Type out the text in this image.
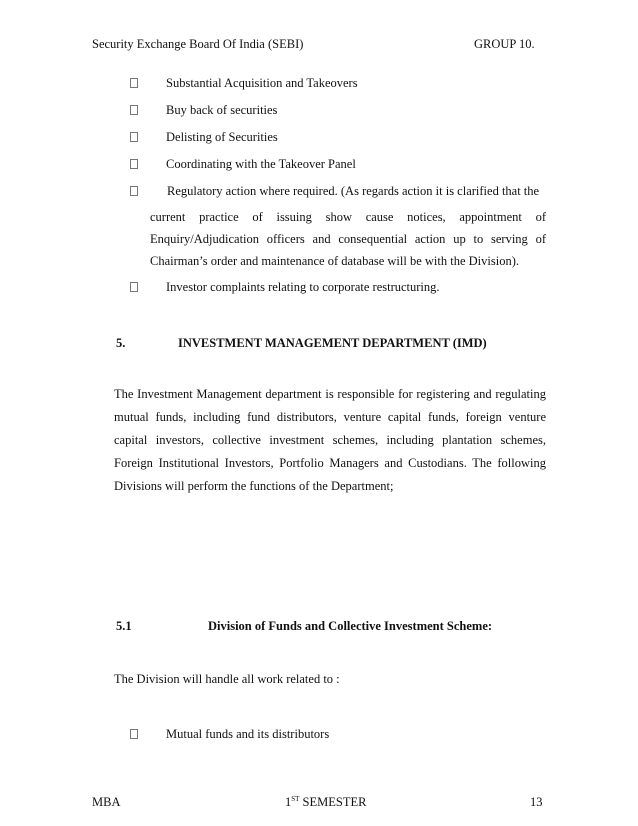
Security Exchange Board Of India (SEBI)	GROUP 10.
Substantial Acquisition and Takeovers
Buy back of securities
Delisting of Securities
Coordinating with the Takeover Panel
Regulatory action where required. (As regards action it is clarified that the
current practice of issuing show cause notices, appointment of
Enquiry/Adjudication officers and consequential action up to serving of
Chairman’s order and maintenance of database will be with the Division).
Investor complaints relating to corporate restructuring.
5.	INVESTMENT MANAGEMENT DEPARTMENT (IMD)
The Investment Management department is responsible for registering and regulating
mutual funds, including fund distributors, venture capital funds, foreign venture
capital investors, collective investment schemes, including plantation schemes,
Foreign Institutional Investors, Portfolio Managers and Custodians. The following
Divisions will perform the functions of the Department;
5.1	Division of Funds and Collective Investment Scheme:
The Division will handle all work related to :
Mutual funds and its distributors
MBA	1ST SEMESTER	13
